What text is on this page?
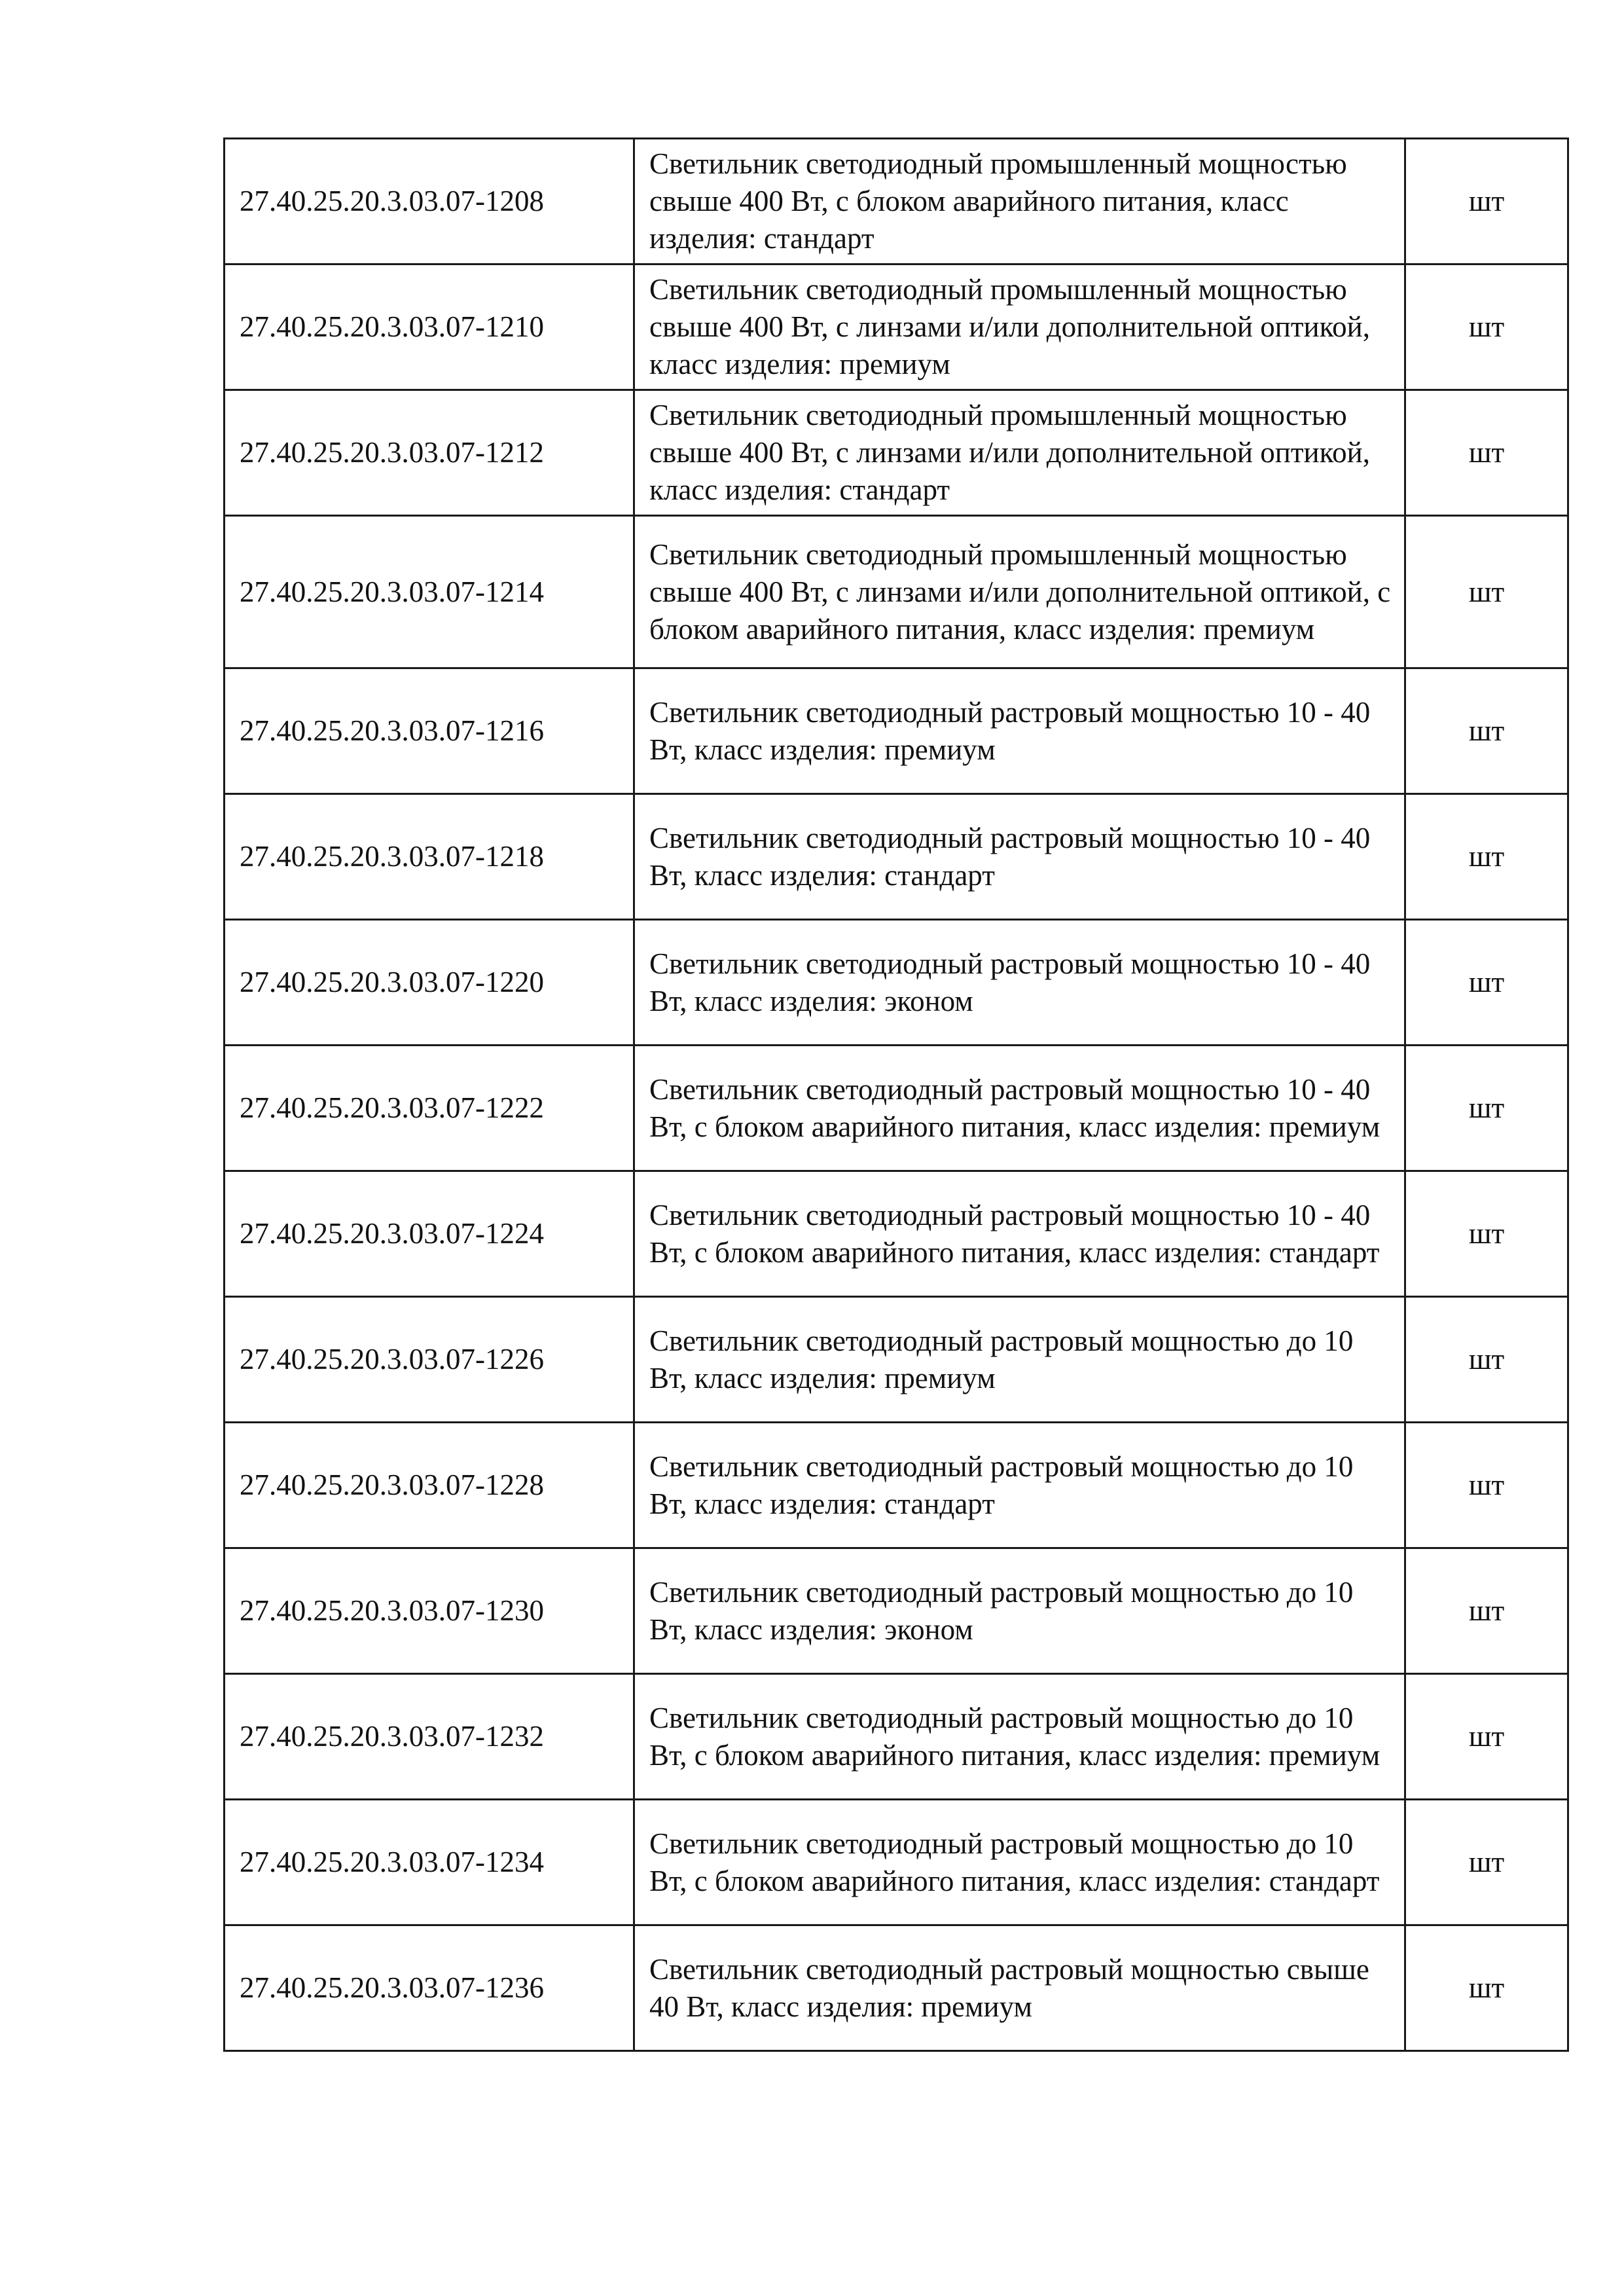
27.40.25.20.3.03.07-1208	Светильник светодиодный промышленный мощностью свыше 400 Вт, с блоком аварийного питания, класс изделия: стандарт	шт
27.40.25.20.3.03.07-1210	Светильник светодиодный промышленный мощностью свыше 400 Вт, с линзами и/или дополнительной оптикой, класс изделия: премиум	шт
27.40.25.20.3.03.07-1212	Светильник светодиодный промышленный мощностью свыше 400 Вт, с линзами и/или дополнительной оптикой, класс изделия: стандарт	шт
27.40.25.20.3.03.07-1214	Светильник светодиодный промышленный мощностью свыше 400 Вт, с линзами и/или дополнительной оптикой, с блоком аварийного питания, класс изделия: премиум	шт
27.40.25.20.3.03.07-1216	Светильник светодиодный растровый мощностью 10 - 40 Вт, класс изделия: премиум	шт
27.40.25.20.3.03.07-1218	Светильник светодиодный растровый мощностью 10 - 40 Вт, класс изделия: стандарт	шт
27.40.25.20.3.03.07-1220	Светильник светодиодный растровый мощностью 10 - 40 Вт, класс изделия: эконом	шт
27.40.25.20.3.03.07-1222	Светильник светодиодный растровый мощностью 10 - 40 Вт, с блоком аварийного питания, класс изделия: премиум	шт
27.40.25.20.3.03.07-1224	Светильник светодиодный растровый мощностью 10 - 40 Вт, с блоком аварийного питания, класс изделия: стандарт	шт
27.40.25.20.3.03.07-1226	Светильник светодиодный растровый мощностью до 10 Вт, класс изделия: премиум	шт
27.40.25.20.3.03.07-1228	Светильник светодиодный растровый мощностью до 10 Вт, класс изделия: стандарт	шт
27.40.25.20.3.03.07-1230	Светильник светодиодный растровый мощностью до 10 Вт, класс изделия: эконом	шт
27.40.25.20.3.03.07-1232	Светильник светодиодный растровый мощностью до 10 Вт, с блоком аварийного питания, класс изделия: премиум	шт
27.40.25.20.3.03.07-1234	Светильник светодиодный растровый мощностью до 10 Вт, с блоком аварийного питания, класс изделия: стандарт	шт
27.40.25.20.3.03.07-1236	Светильник светодиодный растровый мощностью свыше 40 Вт, класс изделия: премиум	шт
